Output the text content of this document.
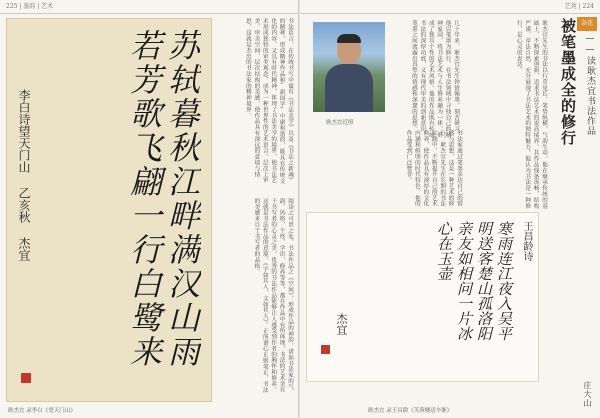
225 | 墨韵 | 艺术
苏轼暮秋江畔满汉山雨若芳歌飞翩一行白鹭来
李白诗望天门山 乙亥秋 杰宜	书法语言，在传统书写中寓有《书法美学》以及《书法之新魂》的精神，形成精神作品和“新国学”中庸和谐的，既具有传统文化的内容，又具有时代精神，体现了书法美学的境界，使书法艺术形成独特的审美观念，成为一种世界性的艺术语言。层次上审美、审美空间、层次结构的美感，使作品具有深远的意境与情思，这就是杰出的书法家的精神境界。
阅读之可贵之处，书法作品之《空间》，形成作品的神韵。诸如书法家的气韵、风格、个性、学识、修养等等，都在作品中有所体现，书法的艺术美在于书写者的心灵之美。优秀的书法作品能够让人感受到作者的胸怀和修养。这就是书法作品的意境。《字如其人，文如其人》，正所谓心正则笔正，书法的美感来自于书写者的品格。
耿杰宜 录李白《望天门山》
艺苑 | 224
耿杰宜近照	几十年来，耿杰宜先生钟情翰墨，刻苦研习，他以笔墨为修行，在书法领域中寻找自己的精神家园，将书法艺术与人生修养融为一体，形成了独具个性的艺术风格。他的作品既有传统书法的深厚功底，又有现代审美的创新意识，笔墨之间流露出真挚的情感和深邃的思想。	耿杰宜先生的书法以行草见长，笔势纵横，气韵生动。他在继承传统的基础上，不断探索创新，追求书法艺术的更高境界。其作品线条流畅，结构严谨，章法自然，充分展现了书法艺术的独特魅力。他认为书法是一种修行，是心灵的表达。
书法家通过笔墨表达自己的情感与思想，这是一种艺术的修行。耿杰宜先生在长期的书法实践中，不断提升自己的艺术修养，使作品具有深厚的文化内涵和鲜明的时代特色。他的作品受到广泛赞誉。
寒雨连江夜入吴平明送客楚山孤洛阳亲友如相问一片冰心在玉壶	王昌龄诗
杰宜
耿杰宜 录王昌龄《芙蓉楼送辛渐》
杂花
被笔墨成全的修行 ——读耿杰宜书法作品
庄大山
